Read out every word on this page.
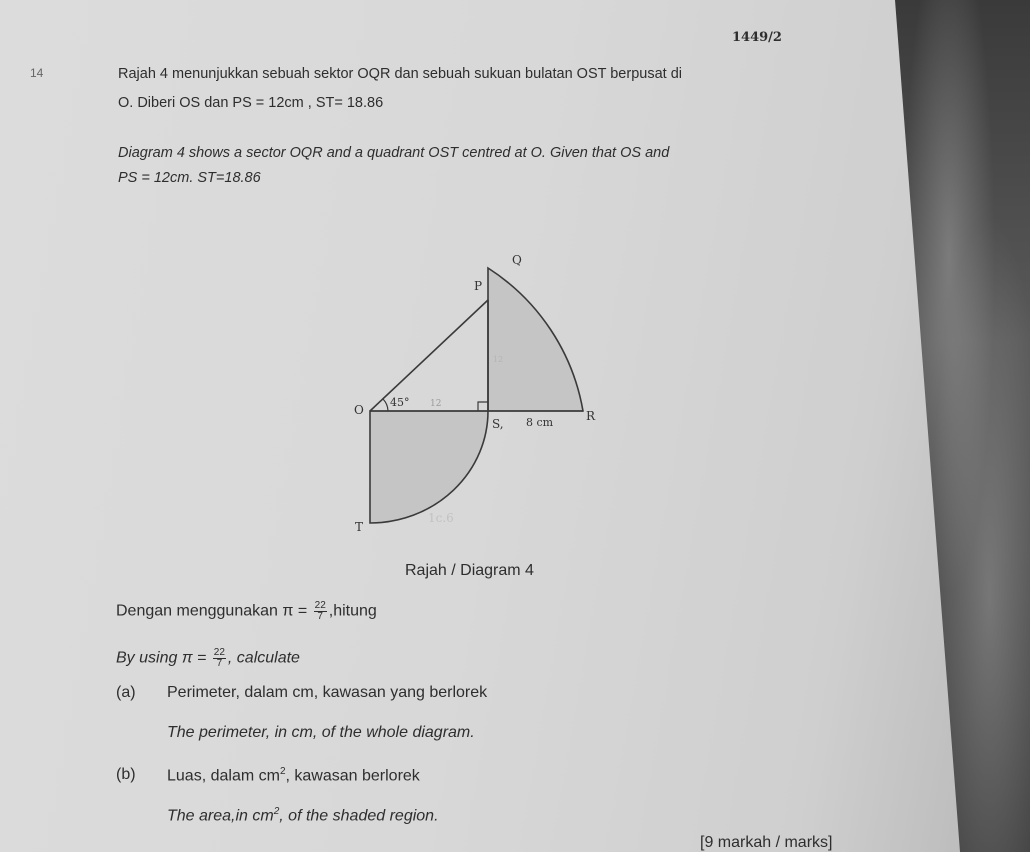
1449/2
14	Rajah 4 menunjukkan sebuah sektor OQR dan sebuah sukuan bulatan OST berpusat di
O. Diberi OS dan PS = 12cm , ST= 18.86
Diagram 4 shows a sector OQR and a quadrant OST centred at O. Given that OS and
PS = 12cm. ST=18.86
Q
P
O
45° 12
12
S, 8 cm	R
T
1c.6
Rajah / Diagram 4
Dengan menggunakan $\pi = \frac{22}{7}$ ,hitung
By using $\pi = \frac{22}{7}$ , calculate
(a) Perimeter, dalam cm, kawasan yang berlorek
The perimeter, in cm, of the whole diagram.
(b) Luas, dalam $cm^2$, kawasan berlorek
The area,in $cm^2$, of the shaded region.
[9 markah / marks]
